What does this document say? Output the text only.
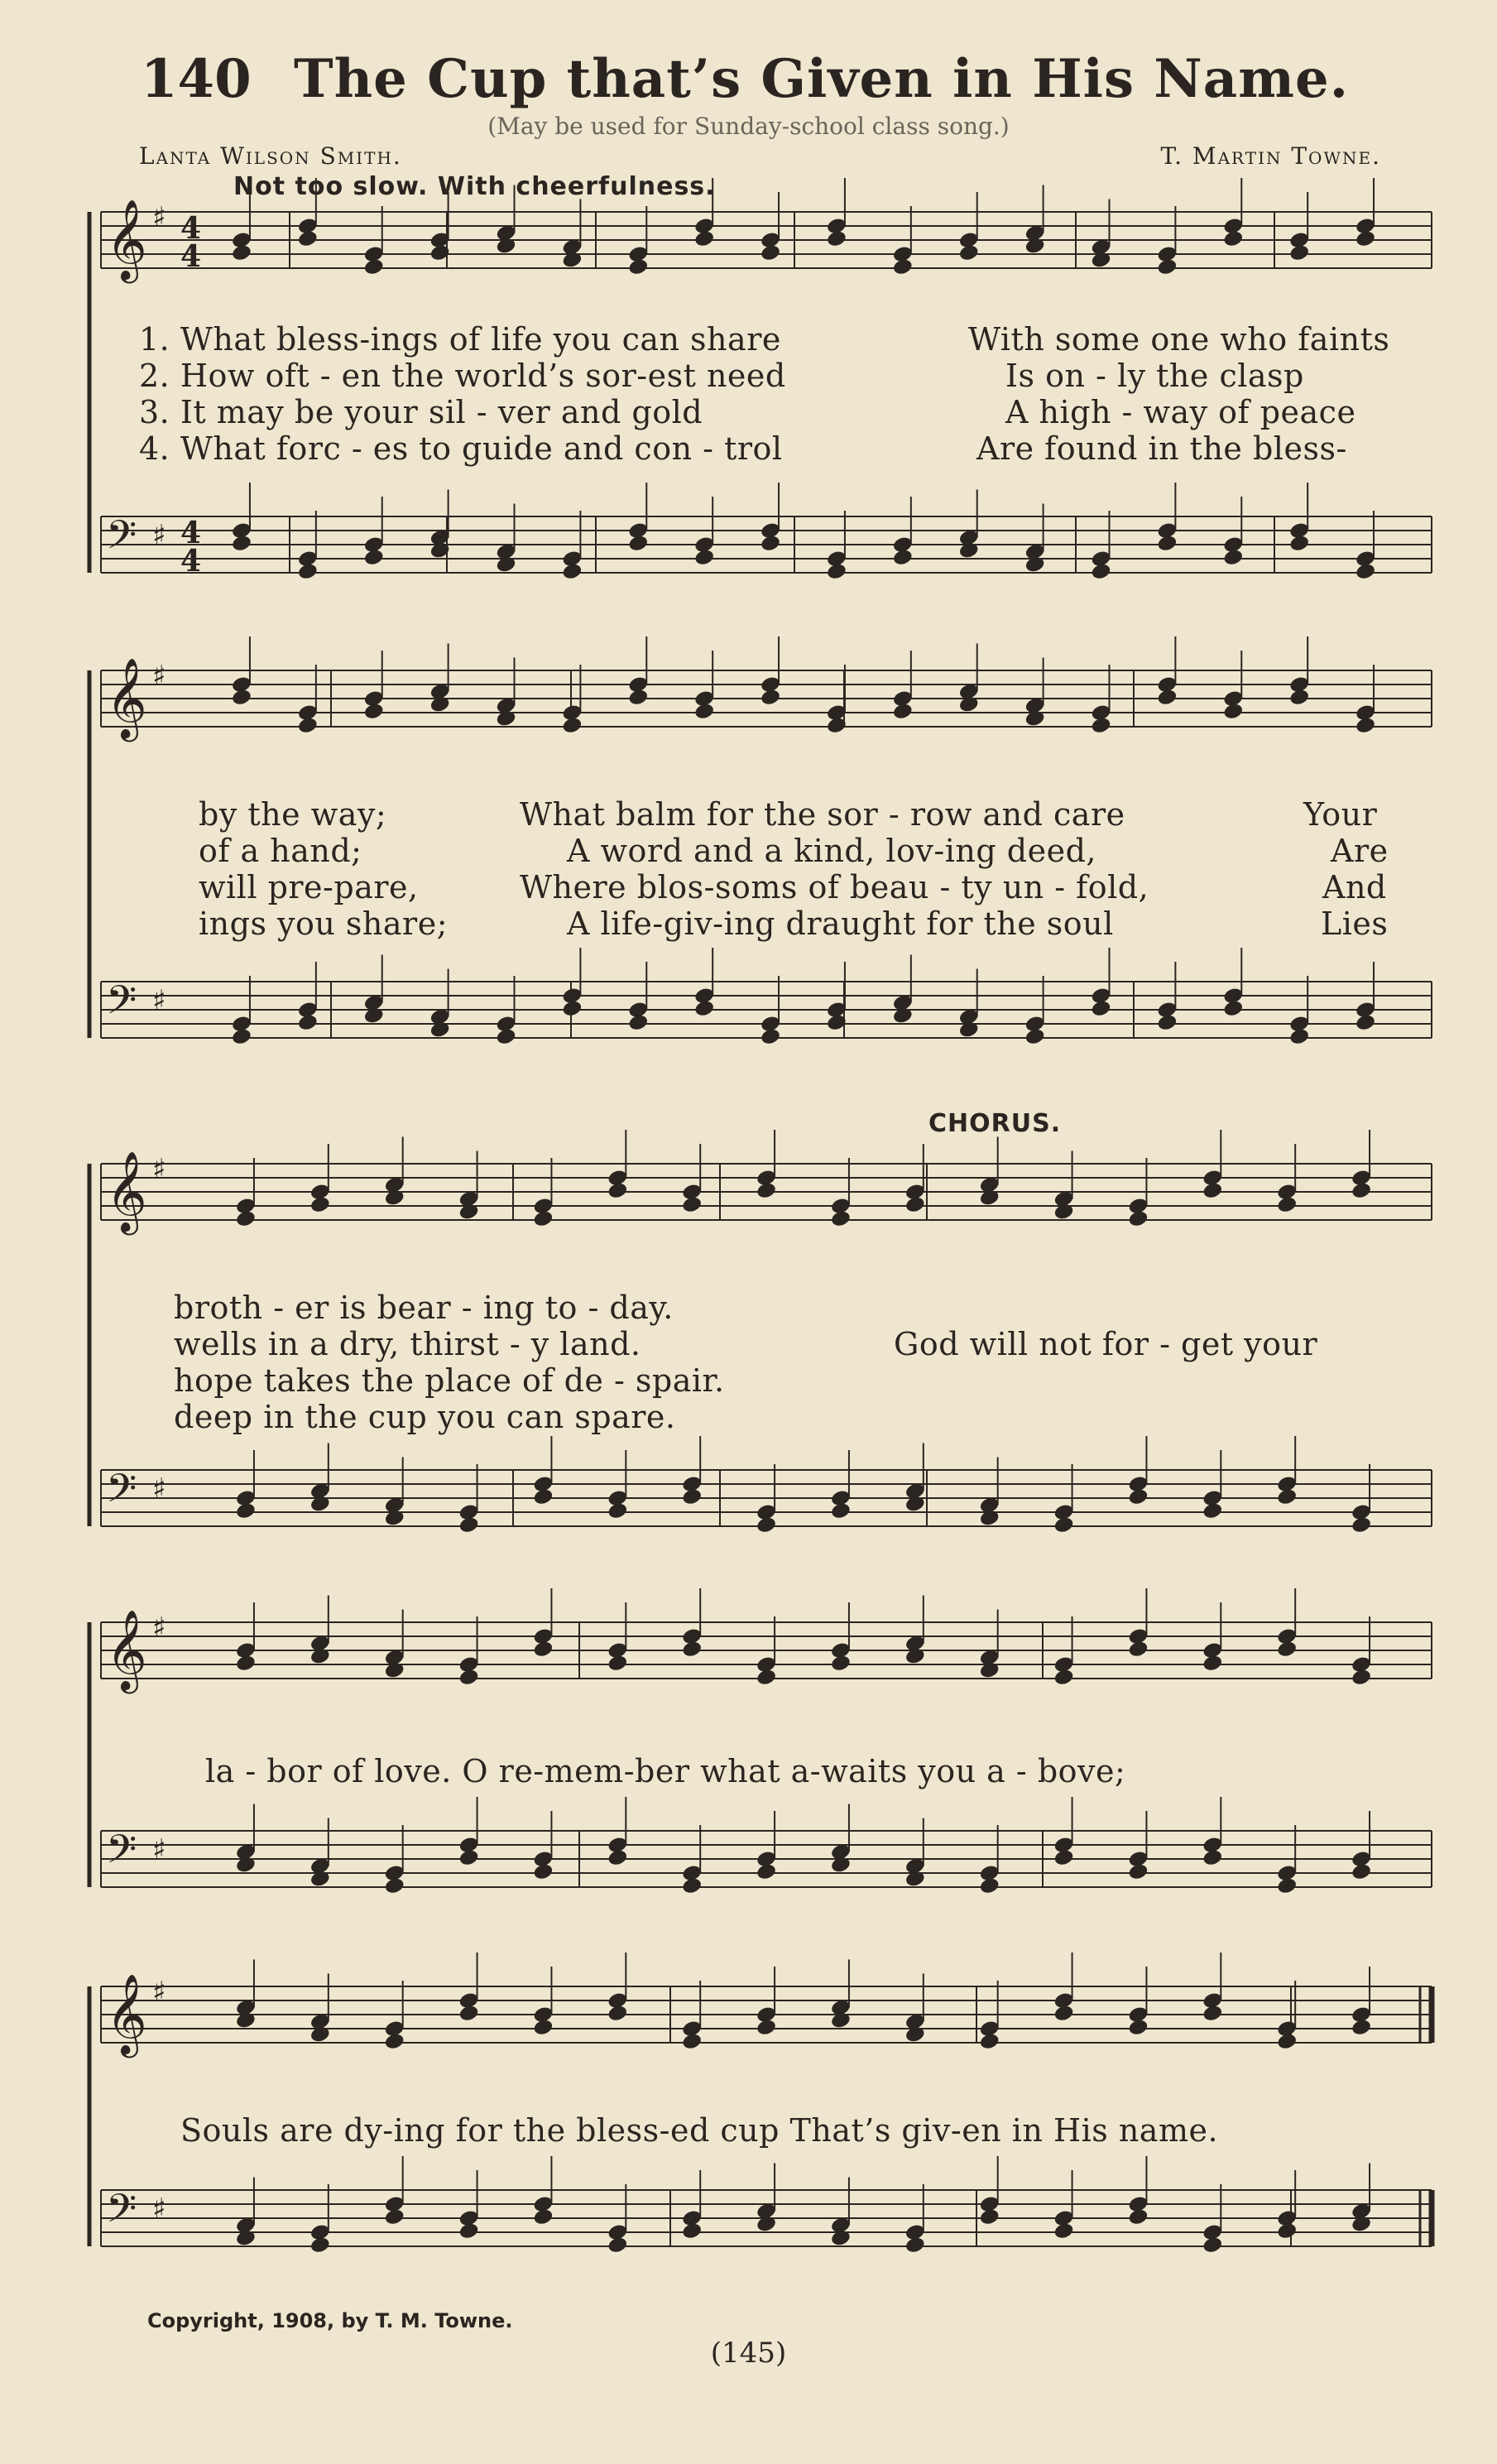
𝄞 ♯
𝄢 ♯
𝄞 ♯
𝄢 ♯
𝄞 ♯
𝄢 ♯
𝄞 ♯
𝄢 ♯
𝄞 ♯
𝄢 ♯
4
4
4
4
140 The Cup that’s Given in His Name.
(May be used for Sunday-school class song.)
Lanta Wilson Smith.	T. Martin Towne.
Not too slow. With cheerfulness.
CHORUS.
1. What bless-ings of life you can share	With some one who faints
2. How oft - en the world’s sor-est need	Is on - ly the clasp
3. It may be your sil - ver and gold	A high - way of peace
4. What forc - es to guide and con - trol	Are found in the bless-
by the way;	What balm for the sor - row and care	Your
of a hand;	A word and a kind, lov-ing deed,	Are
will pre-pare,	Where blos-soms of beau - ty un - fold,	And
ings you share;	A life-giv-ing draught for the soul	Lies
broth - er is bear - ing to - day.
wells in a dry, thirst - y land.	God will not for - get your
hope takes the place of de - spair.
deep in the cup you can spare.
la - bor of love. O re-mem-ber what a-waits you a - bove;
Souls are dy-ing for the bless-ed cup That’s giv-en in His name.
Copyright, 1908, by T. M. Towne.
(145)
